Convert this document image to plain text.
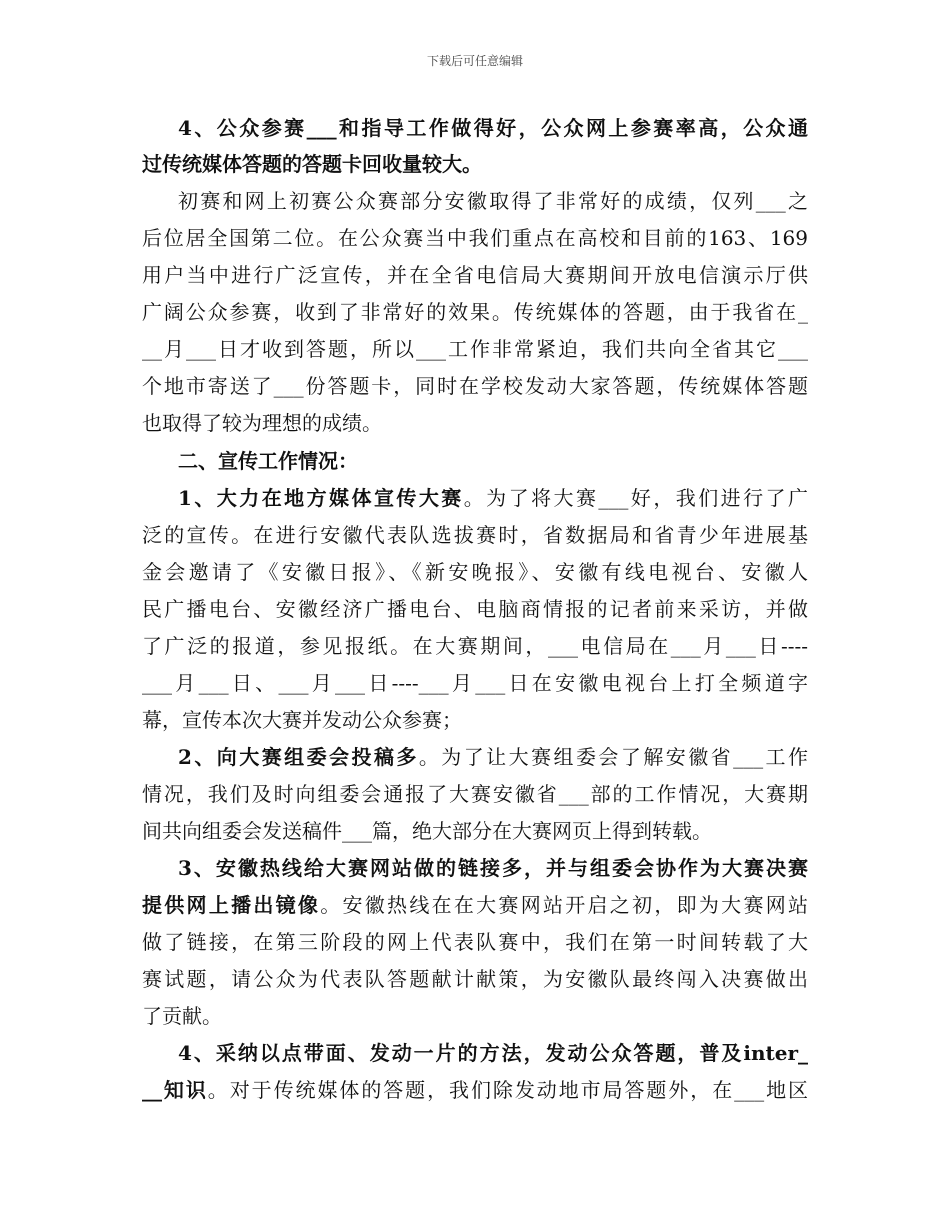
下载后可任意编辑
4、公众参赛___和指导工作做得好，公众网上参赛率高，公众通
过传统媒体答题的答题卡回收量较大。
初赛和网上初赛公众赛部分安徽取得了非常好的成绩，仅列___之
后位居全国第二位。在公众赛当中我们重点在高校和目前的163、169
用户当中进行广泛宣传，并在全省电信局大赛期间开放电信演示厅供
广阔公众参赛，收到了非常好的效果。传统媒体的答题，由于我省在_
__月___日才收到答题，所以___工作非常紧迫，我们共向全省其它___
个地市寄送了___份答题卡，同时在学校发动大家答题，传统媒体答题
也取得了较为理想的成绩。
二、宣传工作情况：
1、大力在地方媒体宣传大赛。为了将大赛___好，我们进行了广
泛的宣传。在进行安徽代表队选拔赛时，省数据局和省青少年进展基
金会邀请了《安徽日报》、《新安晚报》、安徽有线电视台、安徽人
民广播电台、安徽经济广播电台、电脑商情报的记者前来采访，并做
了广泛的报道，参见报纸。在大赛期间，___电信局在___月___日----
___月___日、___月___日----___月___日在安徽电视台上打全频道字
幕，宣传本次大赛并发动公众参赛；
2、向大赛组委会投稿多。为了让大赛组委会了解安徽省___工作
情况，我们及时向组委会通报了大赛安徽省___部的工作情况，大赛期
间共向组委会发送稿件___篇，绝大部分在大赛网页上得到转载。
3、安徽热线给大赛网站做的链接多，并与组委会协作为大赛决赛
提供网上播出镜像。安徽热线在在大赛网站开启之初，即为大赛网站
做了链接，在第三阶段的网上代表队赛中，我们在第一时间转载了大
赛试题，请公众为代表队答题献计献策，为安徽队最终闯入决赛做出
了贡献。
4、采纳以点带面、发动一片的方法，发动公众答题，普及inter_
__知识。对于传统媒体的答题，我们除发动地市局答题外，在___地区
